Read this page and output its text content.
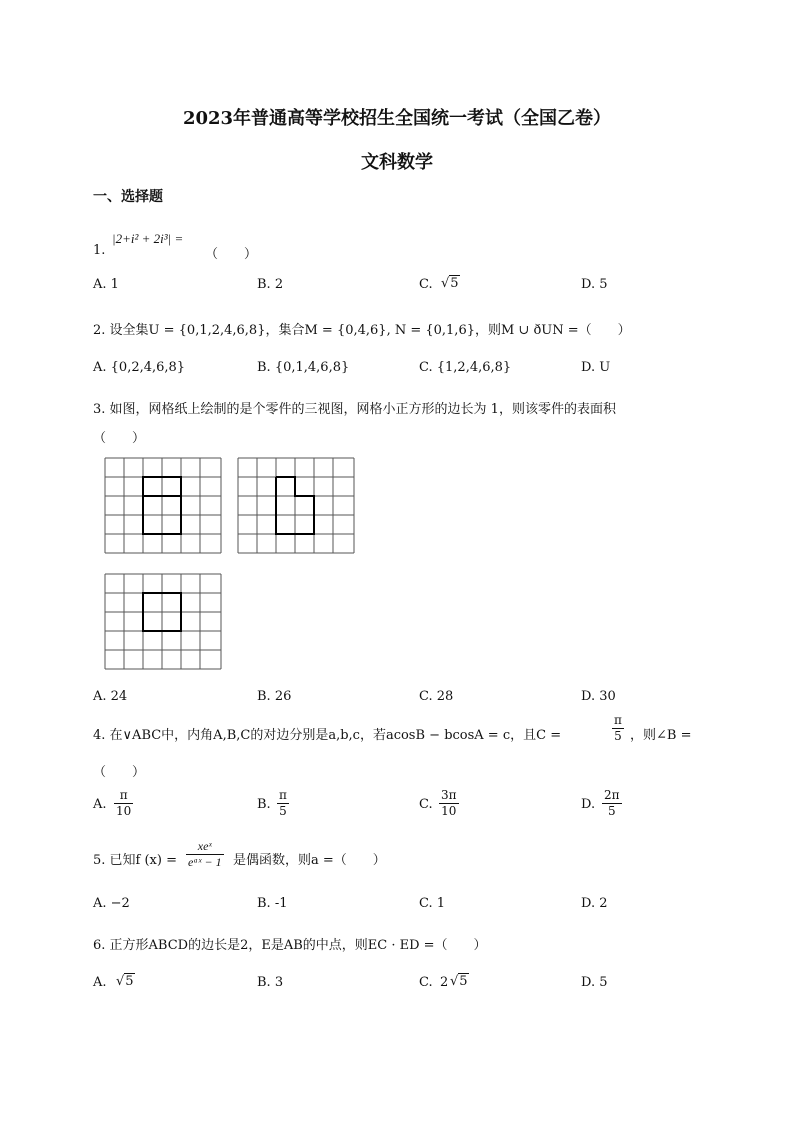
2023年普通高等学校招生全国统一考试（全国乙卷）
文科数学
一、选择题
1.
|2+i² + 2i³| =
（　　）
A. 1	B. 2	C. √5	D. 5
2. 设全集U = {0,1,2,4,6,8}，集合M = {0,4,6}, N = {0,1,6}，则M ∪ ðUN =（　　）
A. {0,2,4,6,8}	B. {0,1,4,6,8}	C. {1,2,4,6,8}	D. U
3. 如图，网格纸上绘制的是个零件的三视图，网格小正方形的边长为 1，则该零件的表面积
（　　）
A. 24	B. 26	C. 28	D. 30
4. 在∨ABC中，内角A,B,C的对边分别是a,b,c，若acosB − bcosA = c，且C =	$\frac{\pi}{5}$ ，则∠B =
（　　）
A. $\frac{\pi}{10}$	B. $\frac{\pi}{5}$	C. $\frac{3\pi}{10}$	D. $\frac{2\pi}{5}$
5. 已知f (x) =
xeˣ
eᵃˣ − 1 是偶函数，则a =（　　）
A. −2	B. -1	C. 1	D. 2
6. 正方形ABCD的边长是2，E是AB的中点，则EC · ED =（　　）
A. √5	B. 3	C. 2 √5	D. 5
